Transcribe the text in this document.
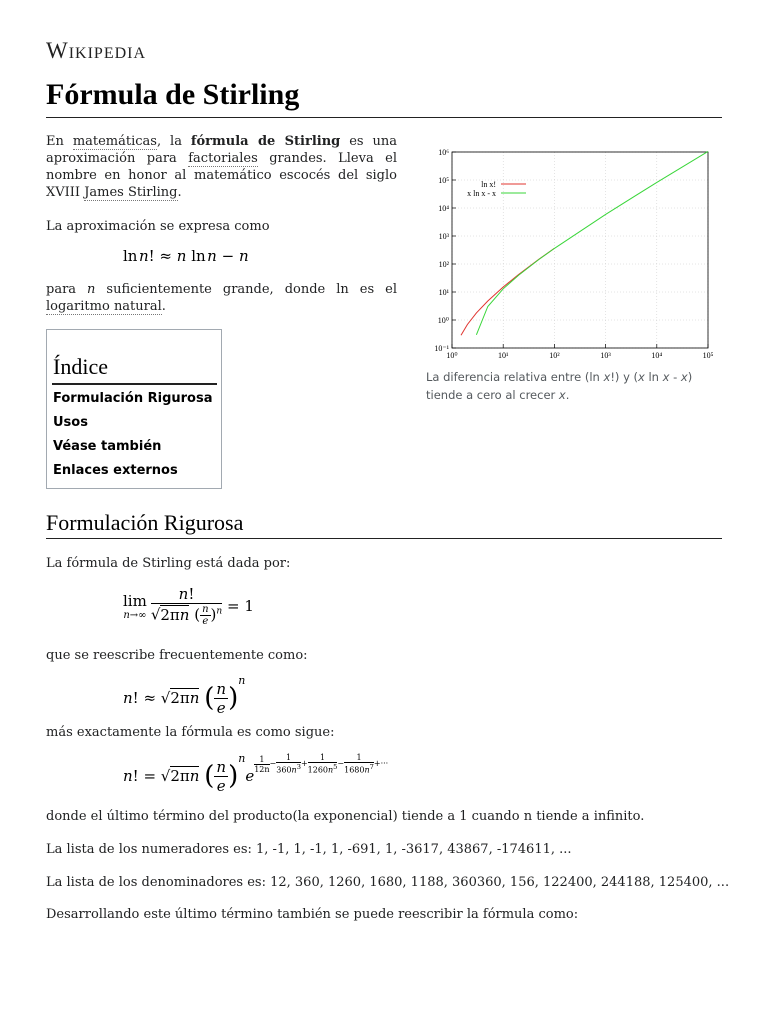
Wikipedia
Fórmula de Stirling

En matemáticas, la fórmula de Stirling es una aproximación para factoriales grandes. Lleva el nombre en honor al matemático escocés del siglo XVIII James Stirling.

La aproximación se expresa como

ln n! ≈ n ln n − n

para n suficientemente grande, donde ln es el logaritmo natural.

Índice
Formulación Rigurosa
Usos
Véase también
Enlaces externos
10⁰	10¹	10²	10³	10⁴	10⁵
10⁻¹
10⁰
10¹
10²
10³
10⁴
10⁵
10⁶
ln x!
x ln x - x
La diferencia relativa entre (ln x!) y (x ln x - x) tiende a cero al crecer x.
Formulación Rigurosa

La fórmula de Stirling está dada por:

lim
$n\to\infty \frac{n!}{√2\pi n ( \frac{n}{e} )^n} = 1$

que se reescribe frecuentemente como:

n! ≈ √2πn ( $\frac{n}{e} )^n$

más exactamente la fórmula es como sigue:

n! = √2πn ( $\frac{n}{e} )^ne$
$\frac{1}{12n} - \frac{1}{360n^3} + \frac{1}{1260n^5} - \frac{1}{1680n^7}$ +···

donde el último término del producto(la exponencial) tiende a 1 cuando n tiende a infinito.

La lista de los numeradores es: 1, -1, 1, -1, 1, -691, 1, -3617, 43867, -174611, ...

La lista de los denominadores es: 12, 360, 1260, 1680, 1188, 360360, 156, 122400, 244188, 125400, ...

Desarrollando este último término también se puede reescribir la fórmula como:
